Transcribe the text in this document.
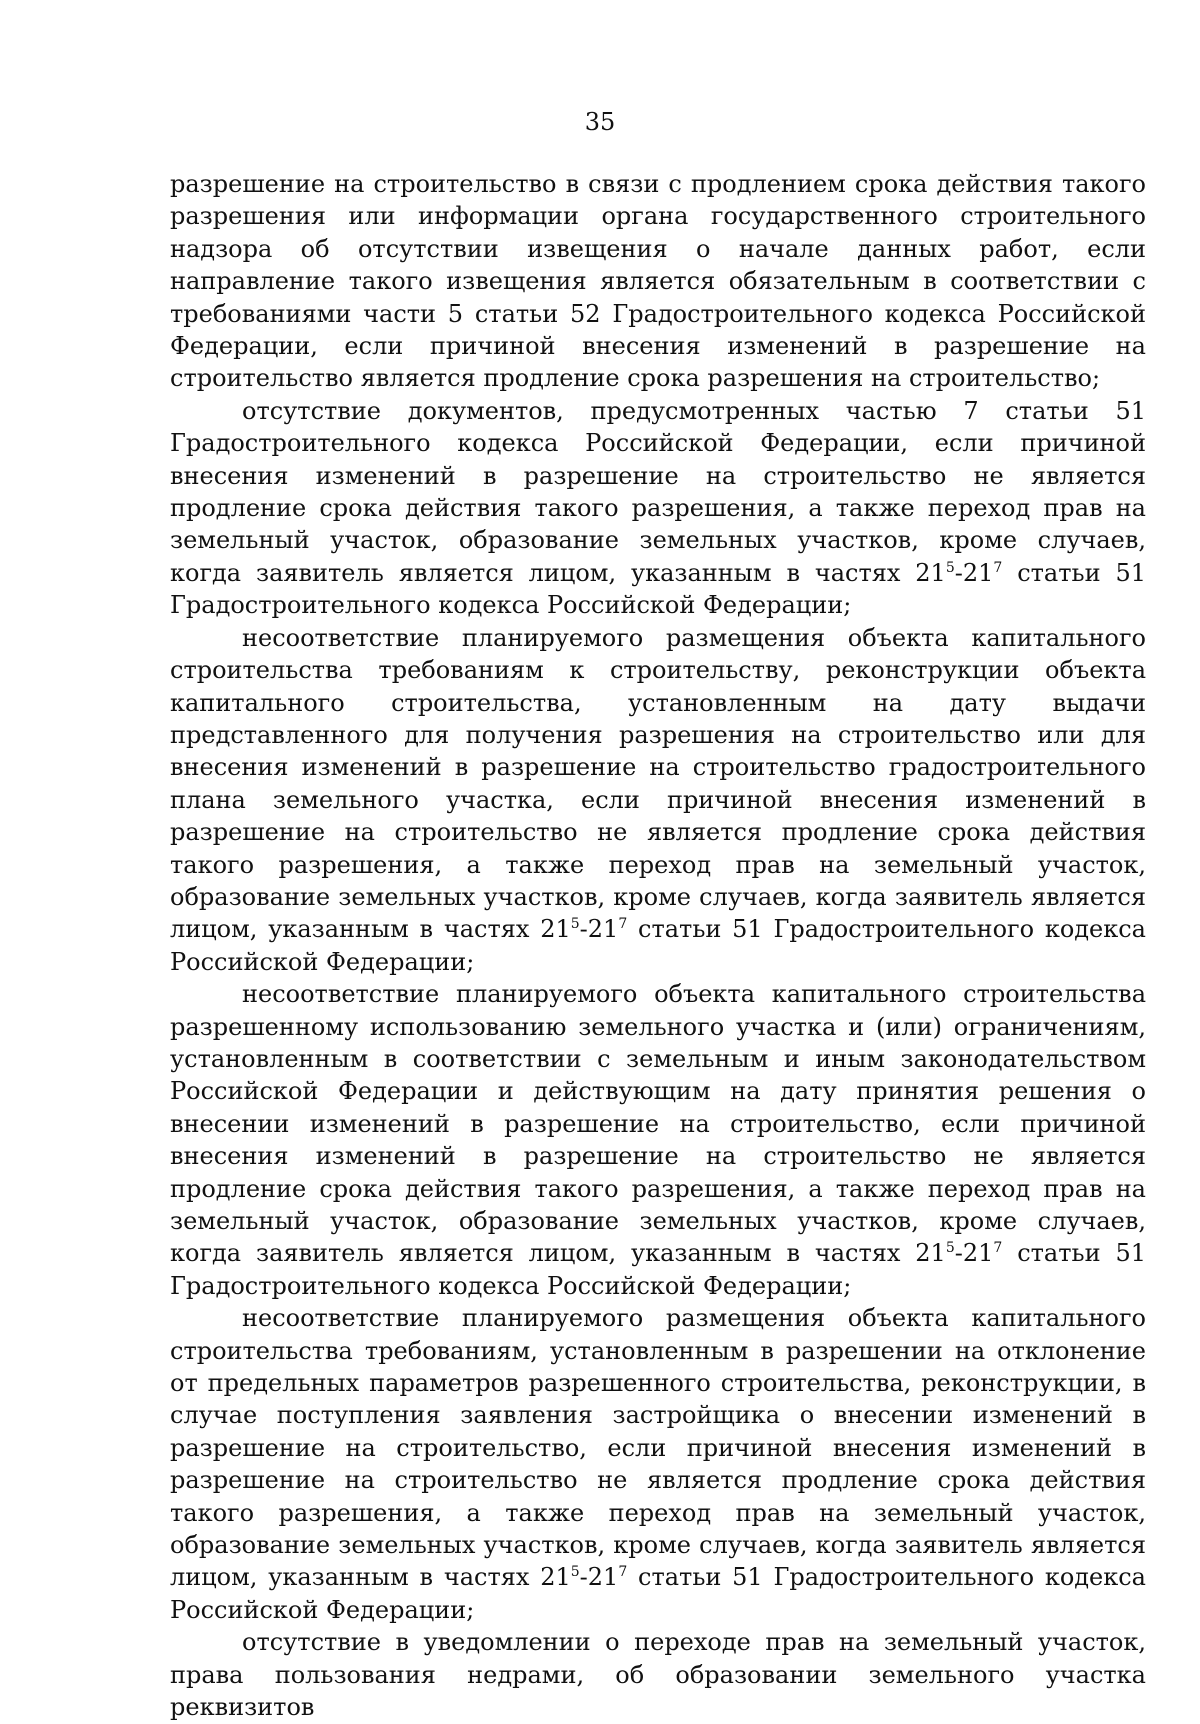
35

разрешение на строительство в связи с продлением срока действия такого разрешения или информации органа государственного строительного надзора об отсутствии извещения о начале данных работ, если направление такого извещения является обязательным в соответствии с требованиями части 5 статьи 52 Градостроительного кодекса Российской Федерации, если причиной внесения изменений в разрешение на строительство является продление срока разрешения на строительство;

отсутствие документов, предусмотренных частью 7 статьи 51 Градостроительного кодекса Российской Федерации, если причиной внесения изменений в разрешение на строительство не является продление срока действия такого разрешения, а также переход прав на земельный участок, образование земельных участков, кроме случаев, когда заявитель является лицом, указанным в частях $21^5-21^7$ статьи 51 Градостроительного кодекса Российской Федерации;

несоответствие планируемого размещения объекта капитального строительства требованиям к строительству, реконструкции объекта капитального строительства, установленным на дату выдачи представленного для получения разрешения на строительство или для внесения изменений в разрешение на строительство градостроительного плана земельного участка, если причиной внесения изменений в разрешение на строительство не является продление срока действия такого разрешения, а также переход прав на земельный участок, образование земельных участков, кроме случаев, когда заявитель является лицом, указанным в частях $21^5-21^7$ статьи 51 Градостроительного кодекса Российской Федерации;

несоответствие планируемого объекта капитального строительства разрешенному использованию земельного участка и (или) ограничениям, установленным в соответствии с земельным и иным законодательством Российской Федерации и действующим на дату принятия решения о внесении изменений в разрешение на строительство, если причиной внесения изменений в разрешение на строительство не является продление срока действия такого разрешения, а также переход прав на земельный участок, образование земельных участков, кроме случаев, когда заявитель является лицом, указанным в частях $21^5-21^7$ статьи 51 Градостроительного кодекса Российской Федерации;

несоответствие планируемого размещения объекта капитального строительства требованиям, установленным в разрешении на отклонение от предельных параметров разрешенного строительства, реконструкции, в случае поступления заявления застройщика о внесении изменений в разрешение на строительство, если причиной внесения изменений в разрешение на строительство не является продление срока действия такого разрешения, а также переход прав на земельный участок, образование земельных участков, кроме случаев, когда заявитель является лицом, указанным в частях $21^5-21^7$ статьи 51 Градостроительного кодекса Российской Федерации;

отсутствие в уведомлении о переходе прав на земельный участок, права пользования недрами, об образовании земельного участка реквизитов
